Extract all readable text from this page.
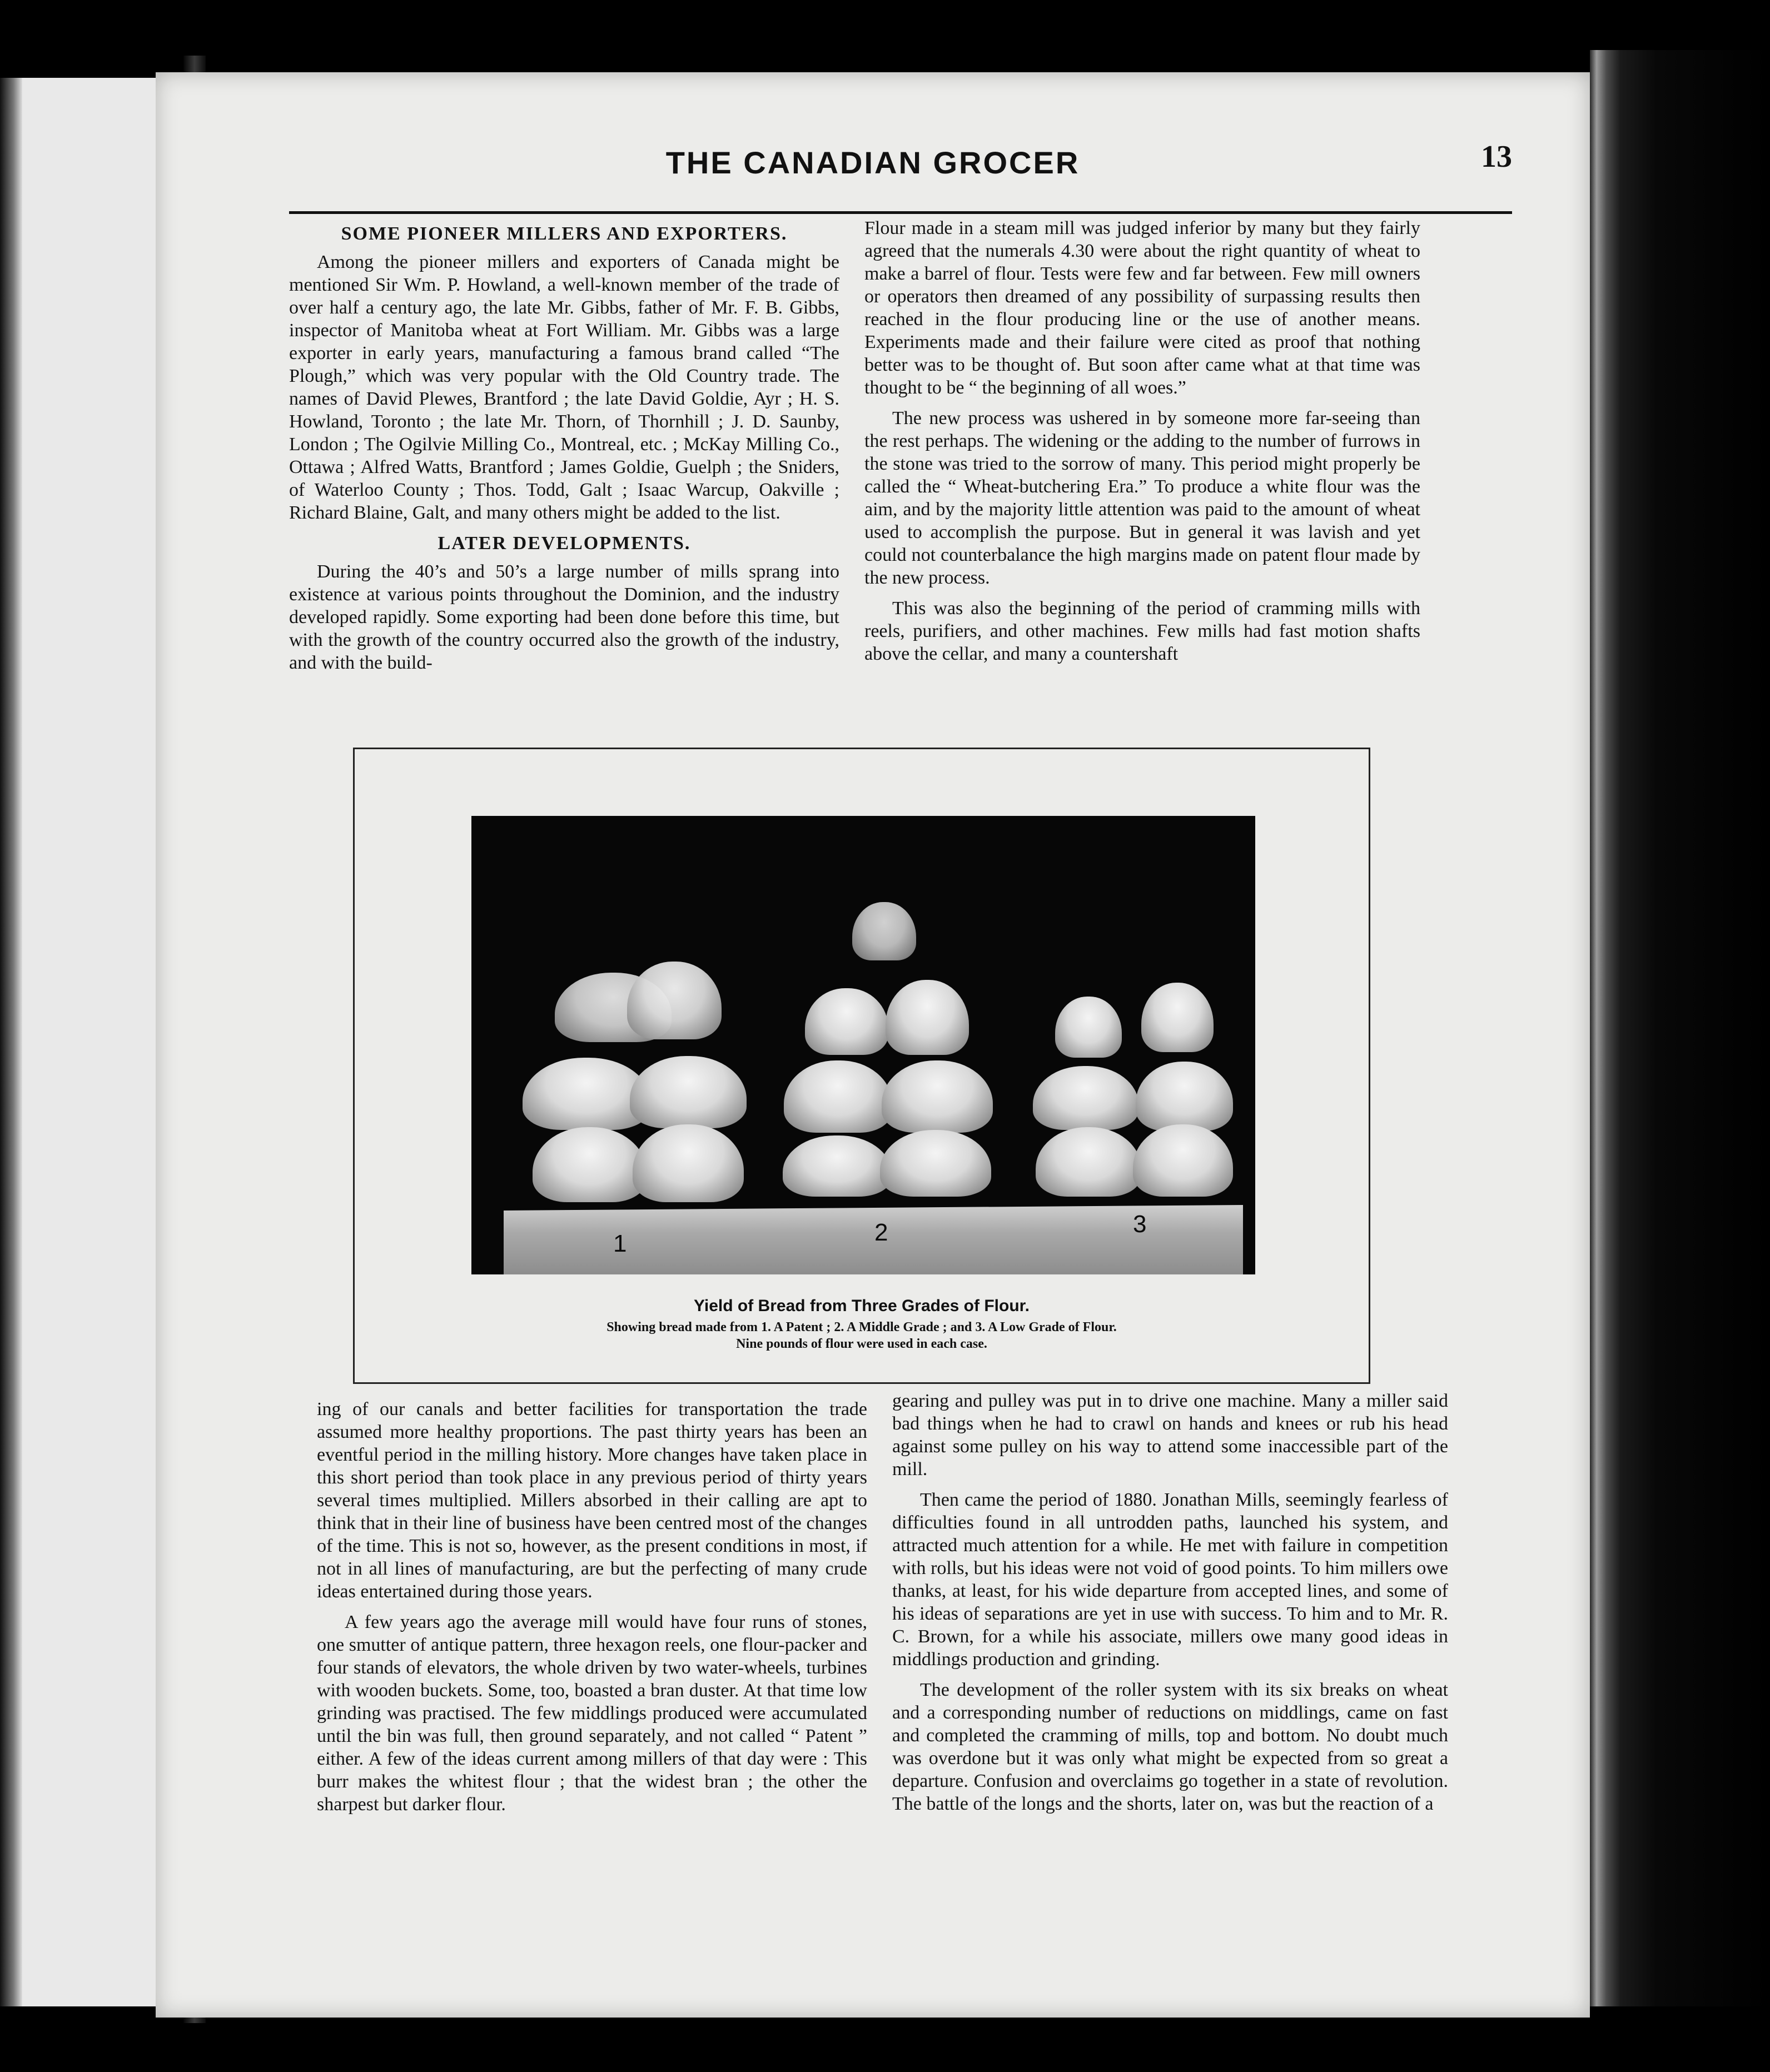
THE CANADIAN GROCER	13
SOME PIONEER MILLERS AND EXPORTERS.

Among the pioneer millers and exporters of Canada might be mentioned Sir Wm. P. Howland, a well-known member of the trade of over half a century ago, the late Mr. Gibbs, father of Mr. F. B. Gibbs, inspector of Manitoba wheat at Fort William. Mr. Gibbs was a large exporter in early years, manufacturing a famous brand called “The Plough,” which was very popular with the Old Country trade. The names of David Plewes, Brantford ; the late David Goldie, Ayr ; H. S. Howland, Toronto ; the late Mr. Thorn, of Thornhill ; J. D. Saunby, London ; The Ogilvie Milling Co., Montreal, etc. ; McKay Milling Co., Ottawa ; Alfred Watts, Brantford ; James Goldie, Guelph ; the Sniders, of Waterloo County ; Thos. Todd, Galt ; Isaac Warcup, Oakville ; Richard Blaine, Galt, and many others might be added to the list.

LATER DEVELOPMENTS.

During the 40’s and 50’s a large number of mills sprang into existence at various points throughout the Dominion, and the industry developed rapidly. Some exporting had been done before this time, but with the growth of the country occurred also the growth of the industry, and with the build-

Flour made in a steam mill was judged inferior by many but they fairly agreed that the numerals 4.30 were about the right quantity of wheat to make a barrel of flour. Tests were few and far between. Few mill owners or operators then dreamed of any possibility of surpassing results then reached in the flour producing line or the use of another means. Experiments made and their failure were cited as proof that nothing better was to be thought of. But soon after came what at that time was thought to be “ the beginning of all woes.”

The new process was ushered in by someone more far-seeing than the rest perhaps. The widening or the adding to the number of furrows in the stone was tried to the sorrow of many. This period might properly be called the “ Wheat-butchering Era.” To produce a white flour was the aim, and by the majority little attention was paid to the amount of wheat used to accomplish the purpose. But in general it was lavish and yet could not counterbalance the high margins made on patent flour made by the new process.

This was also the beginning of the period of cramming mills with reels, purifiers, and other machines. Few mills had fast motion shafts above the cellar, and many a countershaft

1	2	3
Yield of Bread from Three Grades of Flour.
Showing bread made from 1. A Patent ; 2. A Middle Grade ; and 3. A Low Grade of Flour.
Nine pounds of flour were used in each case.

ing of our canals and better facilities for transportation the trade assumed more healthy proportions. The past thirty years has been an eventful period in the milling history. More changes have taken place in this short period than took place in any previous period of thirty years several times multiplied. Millers absorbed in their calling are apt to think that in their line of business have been centred most of the changes of the time. This is not so, however, as the present conditions in most, if not in all lines of manufacturing, are but the perfecting of many crude ideas entertained during those years.

A few years ago the average mill would have four runs of stones, one smutter of antique pattern, three hexagon reels, one flour-packer and four stands of elevators, the whole driven by two water-wheels, turbines with wooden buckets. Some, too, boasted a bran duster. At that time low grinding was practised. The few middlings produced were accumulated until the bin was full, then ground separately, and not called “ Patent ” either. A few of the ideas current among millers of that day were : This burr makes the whitest flour ; that the widest bran ; the other the sharpest but darker flour.

gearing and pulley was put in to drive one machine. Many a miller said bad things when he had to crawl on hands and knees or rub his head against some pulley on his way to attend some inaccessible part of the mill.

Then came the period of 1880. Jonathan Mills, seemingly fearless of difficulties found in all untrodden paths, launched his system, and attracted much attention for a while. He met with failure in competition with rolls, but his ideas were not void of good points. To him millers owe thanks, at least, for his wide departure from accepted lines, and some of his ideas of separations are yet in use with success. To him and to Mr. R. C. Brown, for a while his associate, millers owe many good ideas in middlings production and grinding.

The development of the roller system with its six breaks on wheat and a corresponding number of reductions on middlings, came on fast and completed the cramming of mills, top and bottom. No doubt much was overdone but it was only what might be expected from so great a departure. Confusion and overclaims go together in a state of revolution. The battle of the longs and the shorts, later on, was but the reaction of a
